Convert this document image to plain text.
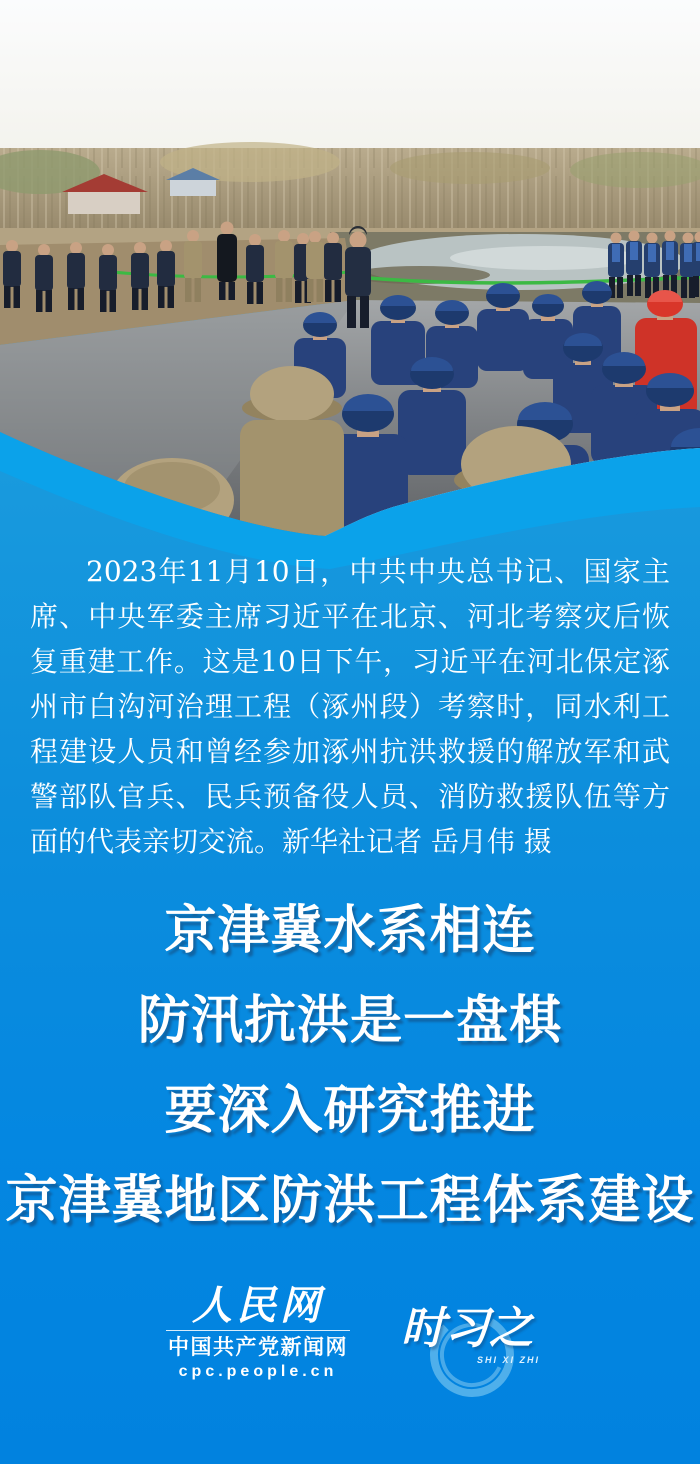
2023年11月10日，中共中央总书记、国家主席、中央军委主席习近平在北京、河北考察灾后恢复重建工作。这是10日下午，习近平在河北保定涿州市白沟河治理工程（涿州段）考察时，同水利工程建设人员和曾经参加涿州抗洪救援的解放军和武警部队官兵、民兵预备役人员、消防救援队伍等方面的代表亲切交流。新华社记者 岳月伟 摄

京津冀水系相连
防汛抗洪是一盘棋
要深入研究推进
京津冀地区防洪工程体系建设
人民网
中国共产党新闻网
cpc.people.cn
时习之
SHI XI ZHI
